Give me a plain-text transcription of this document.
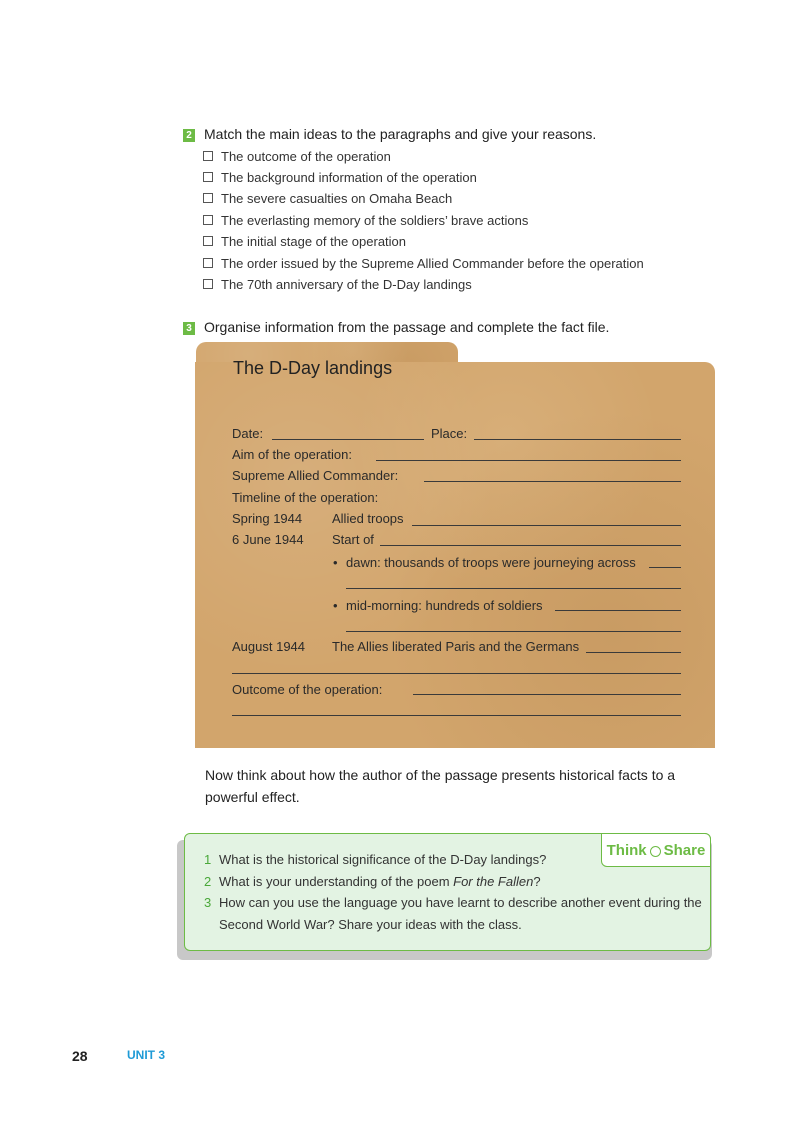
2 Match the main ideas to the paragraphs and give your reasons.
The outcome of the operation
The background information of the operation
The severe casualties on Omaha Beach
The everlasting memory of the soldiers’ brave actions
The initial stage of the operation
The order issued by the Supreme Allied Commander before the operation
The 70th anniversary of the D-Day landings
3 Organise information from the passage and complete the fact file.
The D-Day landings
Date:	Place:
Aim of the operation:
Supreme Allied Commander:
Timeline of the operation:
Spring 1944 Allied troops
6 June 1944 Start of
• dawn: thousands of troops were journeying across
• mid-morning: hundreds of soldiers
August 1944 The Allies liberated Paris and the Germans
Outcome of the operation:
Now think about how the author of the passage presents historical facts to a
powerful effect.
Think Share
1 What is the historical significance of the D-Day landings?
2 What is your understanding of the poem For the Fallen?
3 How can you use the language you have learnt to describe another event during the
Second World War? Share your ideas with the class.
28	UNIT 3
